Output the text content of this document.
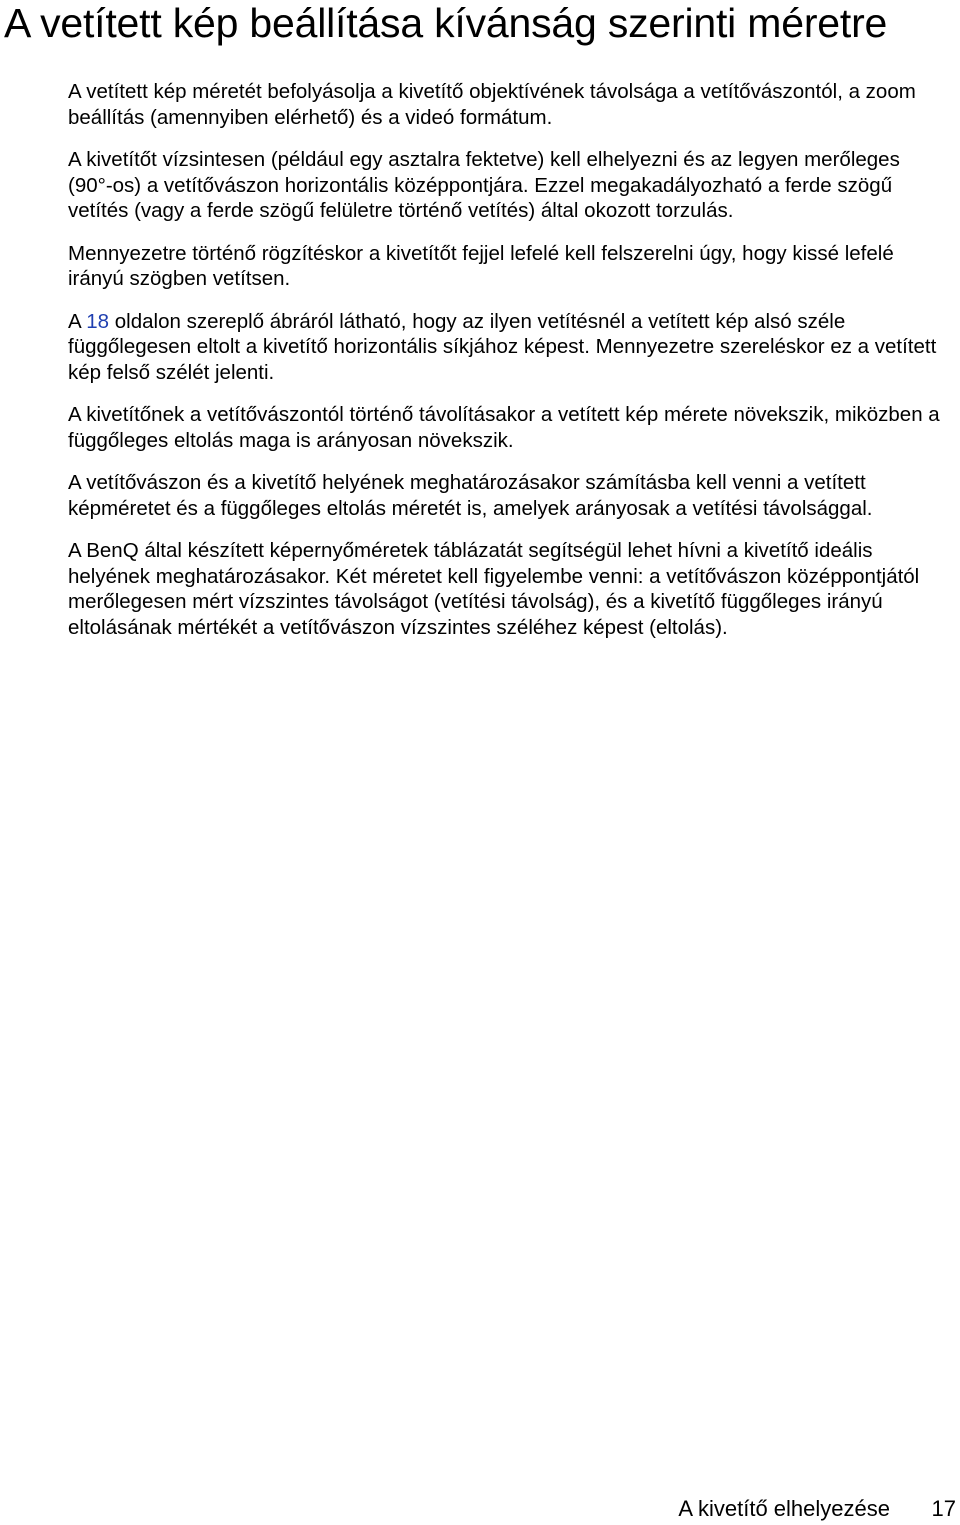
A vetített kép beállítása kívánság szerinti méretre

A vetített kép méretét befolyásolja a kivetítő objektívének távolsága a vetítővászontól, a zoom beállítás (amennyiben elérhető) és a videó formátum.

A kivetítőt vízsintesen (például egy asztalra fektetve) kell elhelyezni és az legyen merőleges (90°-os) a vetítővászon horizontális középpontjára. Ezzel megakadályozható a ferde szögű vetítés (vagy a ferde szögű felületre történő vetítés) által okozott torzulás.

Mennyezetre történő rögzítéskor a kivetítőt fejjel lefelé kell felszerelni úgy, hogy kissé lefelé irányú szögben vetítsen.

A 18 oldalon szereplő ábráról látható, hogy az ilyen vetítésnél a vetített kép alsó széle függőlegesen eltolt a kivetítő horizontális síkjához képest. Mennyezetre szereléskor ez a vetített kép felső szélét jelenti.

A kivetítőnek a vetítővászontól történő távolításakor a vetített kép mérete növekszik, miközben a függőleges eltolás maga is arányosan növekszik.

A vetítővászon és a kivetítő helyének meghatározásakor számításba kell venni a vetített képméretet és a függőleges eltolás méretét is, amelyek arányosak a vetítési távolsággal.

A BenQ által készített képernyőméretek táblázatát segítségül lehet hívni a kivetítő ideális helyének meghatározásakor. Két méretet kell figyelembe venni: a vetítővászon középpontjától merőlegesen mért vízszintes távolságot (vetítési távolság), és a kivetítő függőleges irányú eltolásának mértékét a vetítővászon vízszintes széléhez képest (eltolás).

A kivetítő elhelyezése 17
